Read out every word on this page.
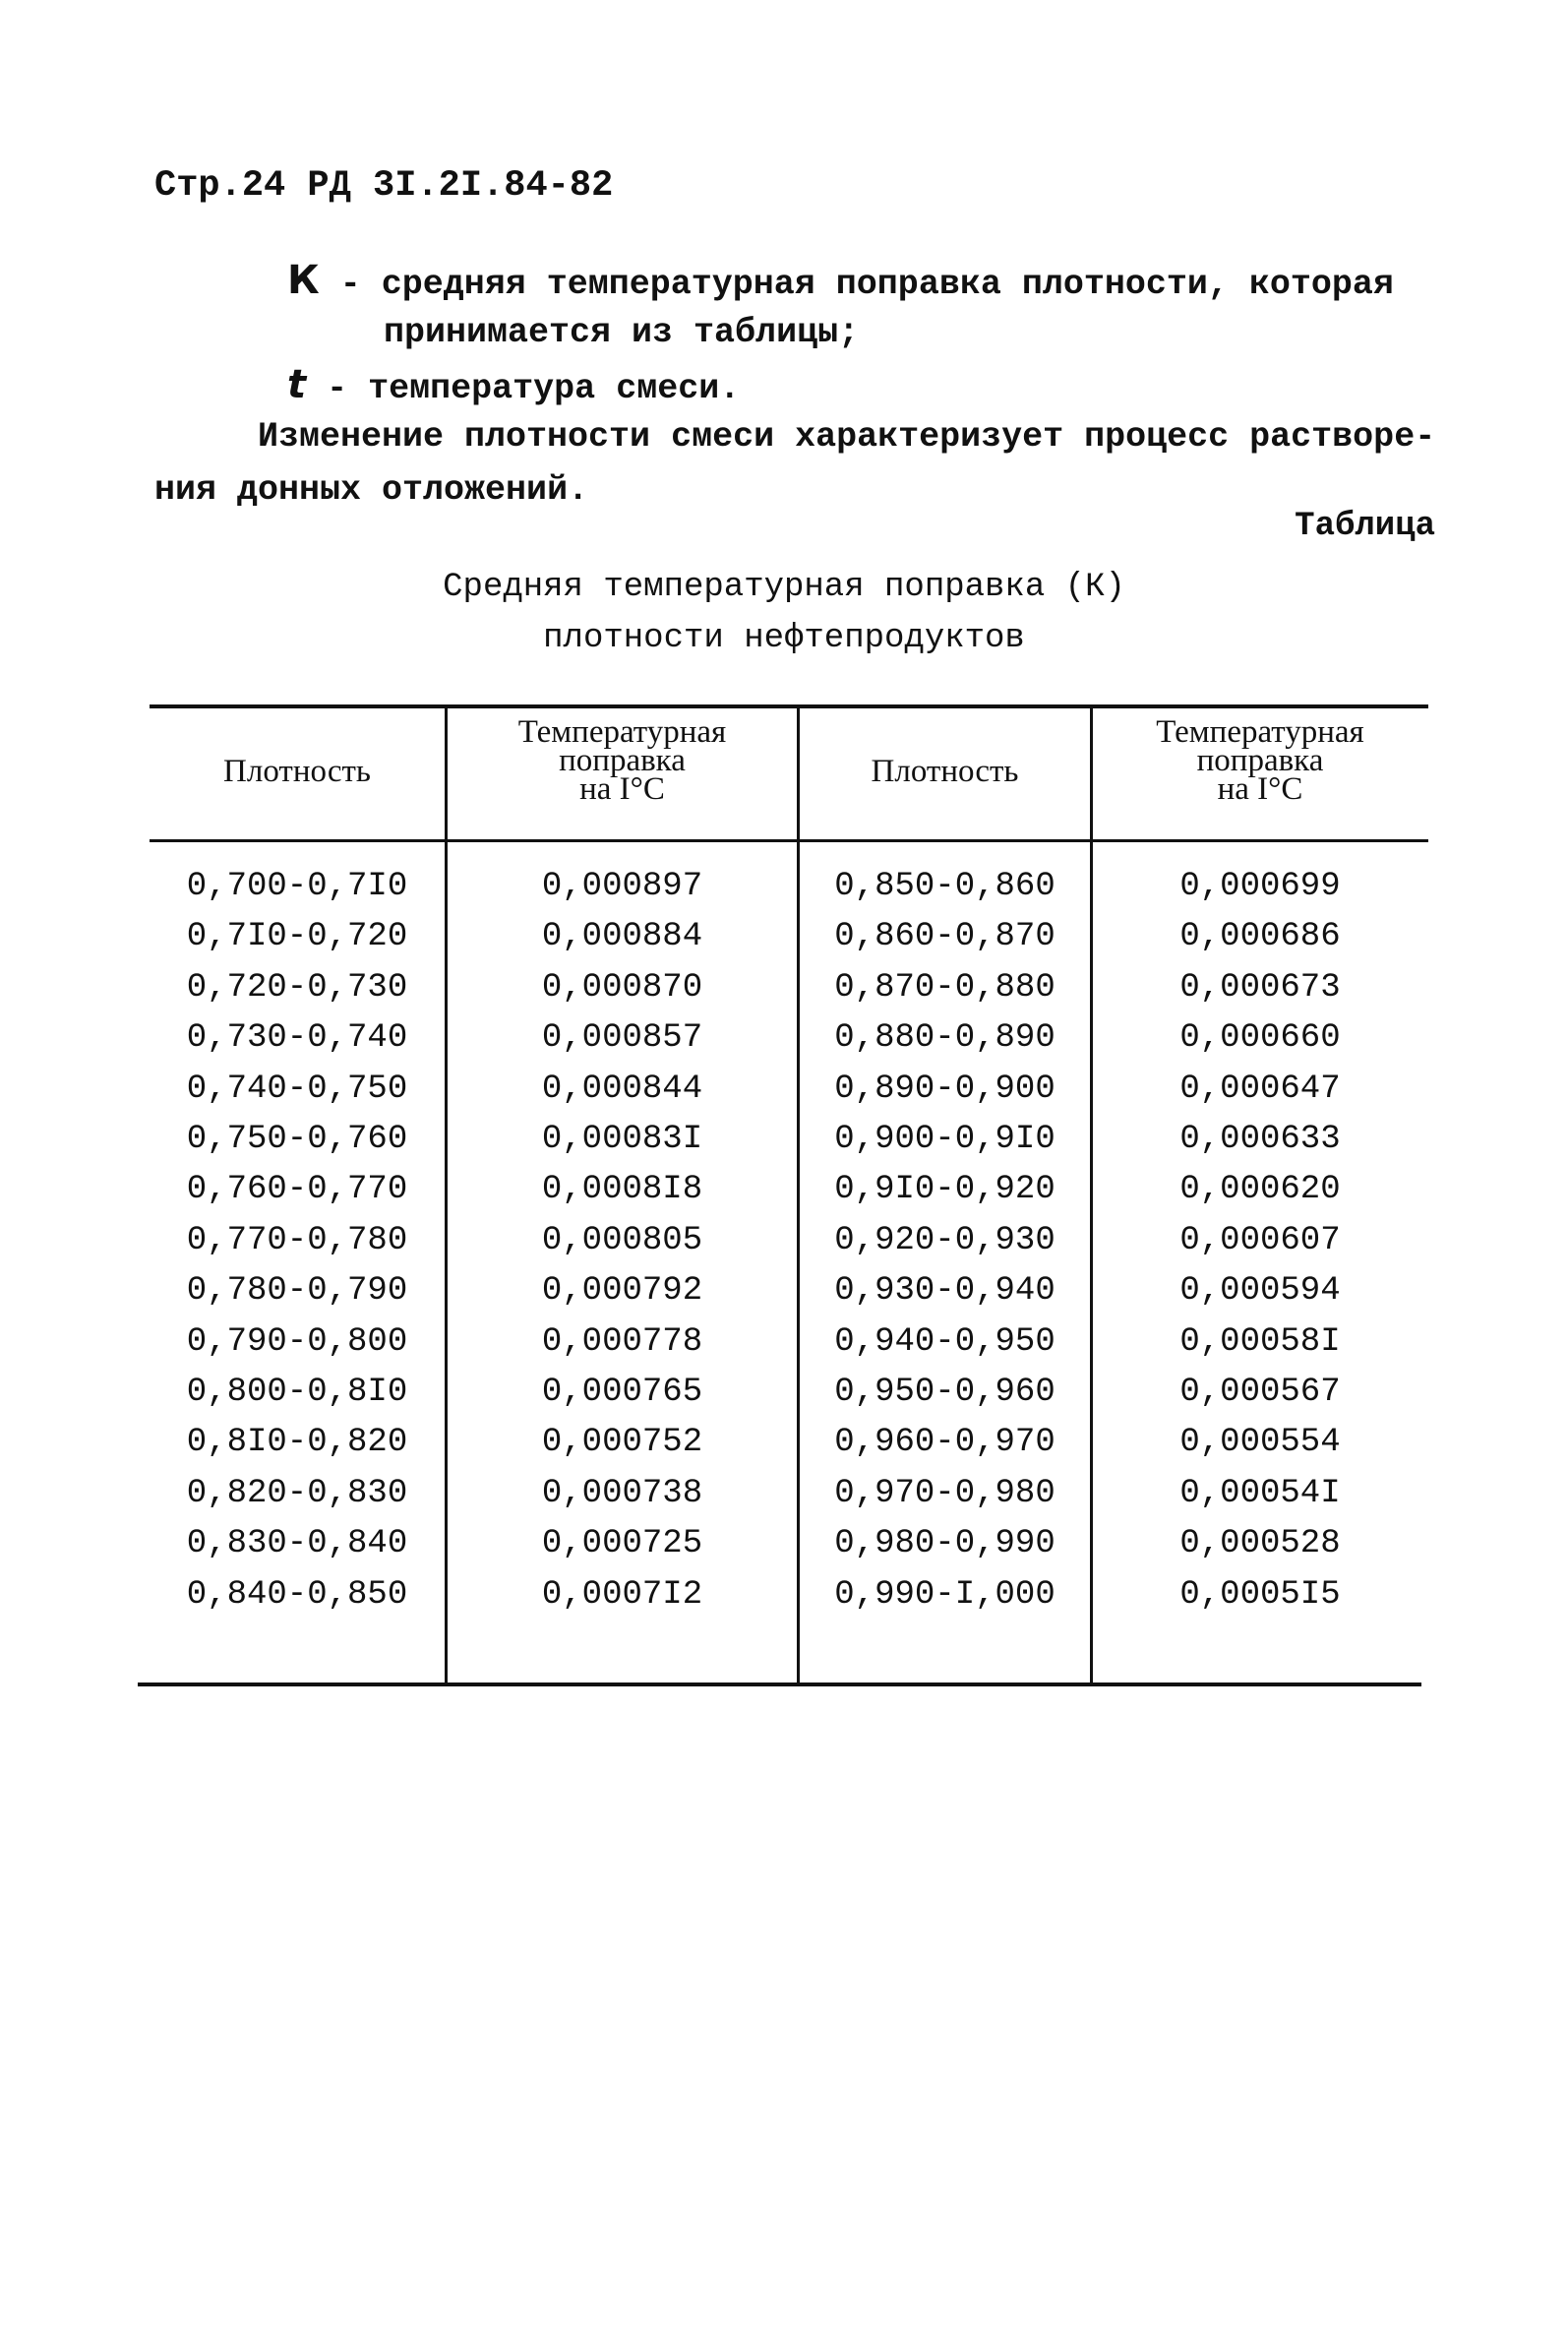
Стр.24 РД 3I.2I.84-82
К - средняя температурная поправка плотности, которая
принимается из таблицы;
t - температура смеси.
Изменение плотности смеси характеризует процесс растворе-
ния донных отложений.
Таблица
Средняя температурная поправка (К)
плотности нефтепродуктов
Плотность
Температурная
поправка
на I°C	Плотность
Температурная
поправка
на I°C
0,700-0,7I0
0,7I0-0,720
0,720-0,730
0,730-0,740
0,740-0,750
0,750-0,760
0,760-0,770
0,770-0,780
0,780-0,790
0,790-0,800
0,800-0,8I0
0,8I0-0,820
0,820-0,830
0,830-0,840
0,840-0,850
0,000897
0,000884
0,000870
0,000857
0,000844
0,00083I
0,0008I8
0,000805
0,000792
0,000778
0,000765
0,000752
0,000738
0,000725
0,0007I2
0,850-0,860
0,860-0,870
0,870-0,880
0,880-0,890
0,890-0,900
0,900-0,9I0
0,9I0-0,920
0,920-0,930
0,930-0,940
0,940-0,950
0,950-0,960
0,960-0,970
0,970-0,980
0,980-0,990
0,990-I,000
0,000699
0,000686
0,000673
0,000660
0,000647
0,000633
0,000620
0,000607
0,000594
0,00058I
0,000567
0,000554
0,00054I
0,000528
0,0005I5
